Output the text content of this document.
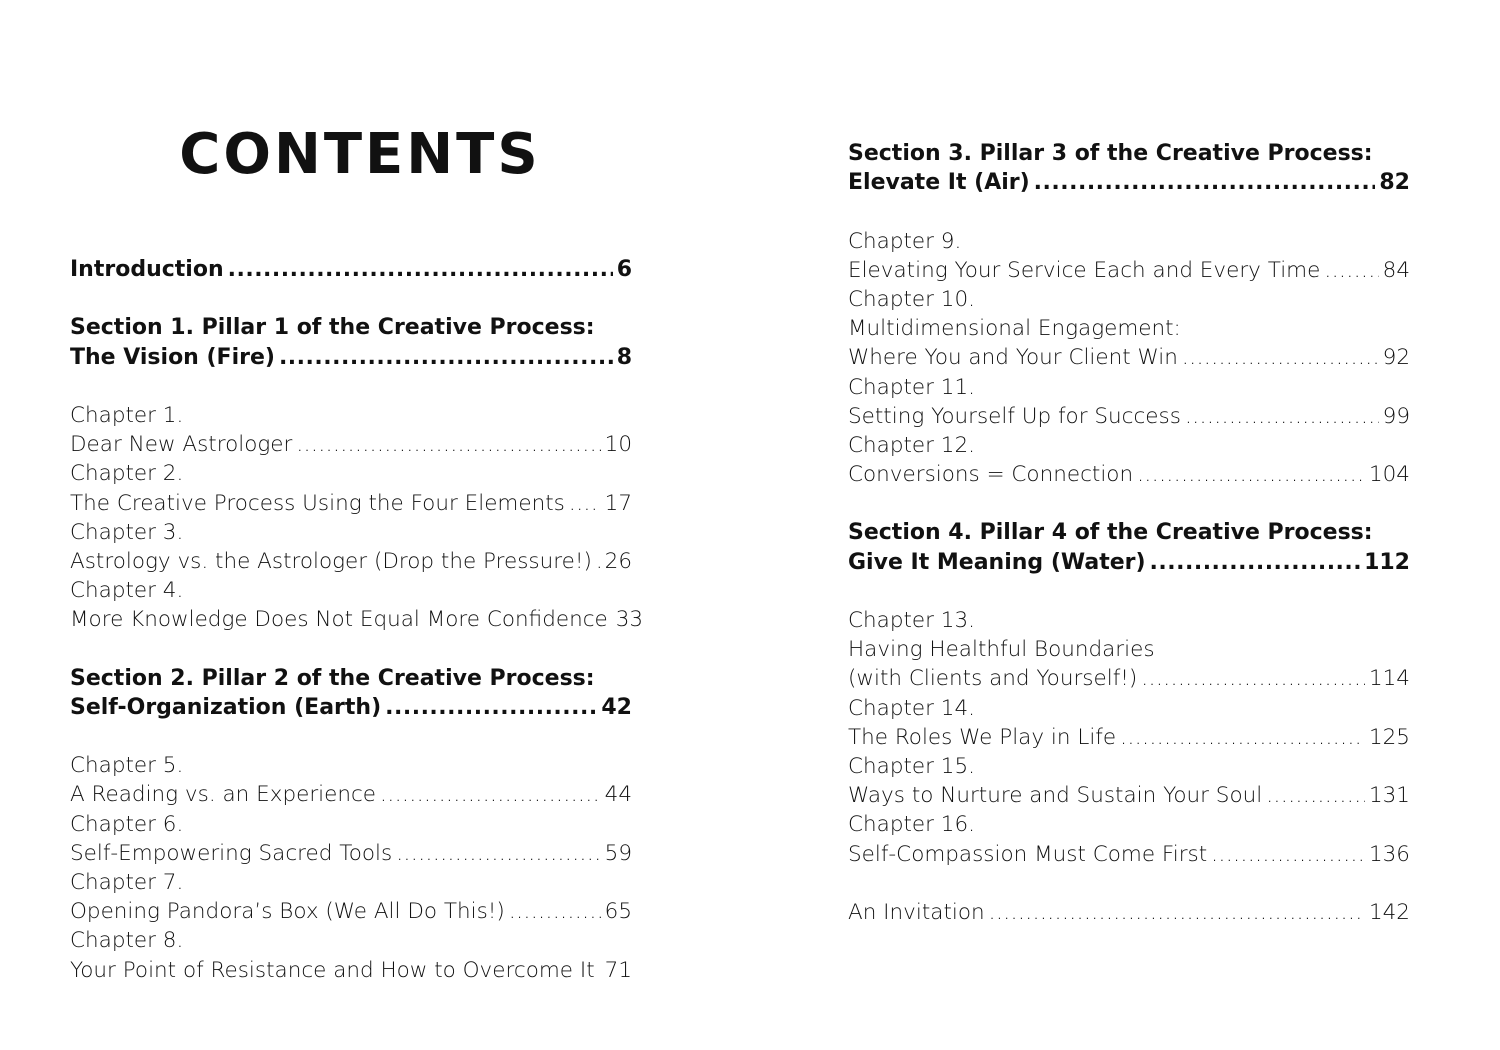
CONTENTS
Introduction .....	6
Section 1. Pillar 1 of the Creative Process:
The Vision (Fire) .....	8
Chapter 1.
Dear New Astrologer .....	10
Chapter 2.
The Creative Process Using the Four Elements ..... 17
Chapter 3.
Astrology vs. the Astrologer (Drop the Pressure!) ..... 26
Chapter 4.
More Knowledge Does Not Equal More Confidence 33
Section 2. Pillar 2 of the Creative Process:
Self-Organization (Earth) .....	42
Chapter 5.
A Reading vs. an Experience .....	44
Chapter 6.
Self-Empowering Sacred Tools .....	59
Chapter 7.
Opening Pandora’s Box (We All Do This!) .....	65
Chapter 8.
Your Point of Resistance and How to Overcome It ..... 71
Section 3. Pillar 3 of the Creative Process:
Elevate It (Air) .....	82
Chapter 9.
Elevating Your Service Each and Every Time .....	84
Chapter 10.
Multidimensional Engagement:
Where You and Your Client Win .....	92
Chapter 11.
Setting Yourself Up for Success .....	99
Chapter 12.
Conversions = Connection .....	104
Section 4. Pillar 4 of the Creative Process:
Give It Meaning (Water) .....	112
Chapter 13.
Having Healthful Boundaries
(with Clients and Yourself!) .....	114
Chapter 14.
The Roles We Play in Life .....	125
Chapter 15.
Ways to Nurture and Sustain Your Soul .....	131
Chapter 16.
Self-Compassion Must Come First .....	136
An Invitation .....	142
